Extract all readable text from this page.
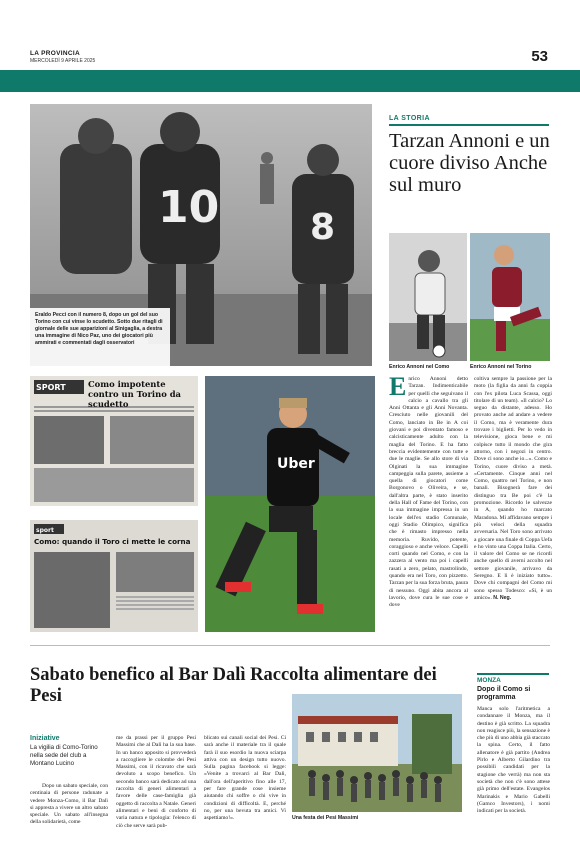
LA PROVINCIA
MERCOLEDÌ 9 APRILE 2025	53
10	8
Eraldo Pecci con il numero 8, dopo un gol del suo Torino con cui vinse lo scudetto. Sotto due ritagli di giornale delle sue apparizioni al Sinigaglia, a destra una immagine di Nico Paz, uno dei giocatori più ammirati e commentati dagli osservatori
SPORT	Como impotente contro un Torino da scudetto
sport
Como: quando il Toro ci mette le corna
Uber
LA STORIA
Tarzan Annoni e un cuore diviso Anche sul muro
Enrico Annoni nel Como	Enrico Annoni nel Torino
Enrico Annoni detto Tarzan. Indimenticabile per quelli che seguivano il calcio a cavallo tra gli Anni Ottanta e gli Anni Novanta. Cresciuto nelle giovanili del Como, lanciato in Be in A coi giovani e poi diventato famoso e calcisticamente adulto con la maglia del Torino. E ha fatto breccia evidentemente con tutte e due le maglie. Se allo store di via Olginati la sua immagine campeggia sulla parete, assieme a quella di giocatori come Borgonovo o Oliveira, e se, dall'altra parte, è stato inserito della Hall of Fame del Torino, con la sua immagine impressa in un locale dell'ex stadio Comunale, oggi Stadio Olimpico, significa che è rimasto impresso nella memoria. Ruvido, potente, coraggioso e anche veloce. Capelli corti quando nel Como, e con la zazzera al vento ma poi i capelli rasati a zero, pelato, mastrolindo, quando era nel Toro, con pizzetto. Tarzan per la sua forza bruta, paura di nessuno. Oggi abita ancora al lavorio, dove cura le sue cose e dove
coltiva sempre la passione per la moto (la figlia da anni fa coppia con l'ex pilota Luca Scassa, oggi titolare di un team). «Il calcio? Lo seguo da distante, adesso. Ho provato anche ad andare a vedere il Como, ma è veramente dura trovare i biglietti. Per lo vedo in televisione, gioca bene e mi colpisce tutto il mondo che gira attorno, con i negozi in centro. Dove ci sono anche io...». Como e Torino, cuore diviso a metà. «Certamente. Cinque anni nel Como, quattro nel Torino, e non banali. Bisognerà fare dei distinguo tra Be poi c'è la promozione. Ricordo le salvezze in A, quando ho marcato Maradona. Mi affidavano sempre i più veloci della squadra avversaria. Nel Toro sono arrivato a giocare una finale di Coppa Uefa e ho vinto una Coppa Italia. Certo, il valore del Como se ne ricordi anche quello di averni accolto nel settore giovanile, arrivavo da Seregno. E lì è iniziato tutto». Dove chi compagni del Como mi sono spesso Todesco: «Sì, è un amico». N. Neg.
Sabato benefico al Bar Dalì Raccolta alimentare dei Pesi
Iniziative
La vigilia di Como-Torino nella sede del club a Montano Lucino
Dopo un sabato speciale, con centinaia di persone radunate a vedere Monza-Como, il Bar Dalì si appresta a vivere un altro sabato speciale. Un sabato all'insegna della solidarietà, come
me da prassi per il gruppo Pesi Massimi che al Dalì ha la sua base. In un banco apposito si provvederà a raccogliere le colombe dei Pesi Massimi, con il ricavato che sarà devoluto a scopo benefico. Un secondo banco sarà dedicato ad una raccolta di generi alimentari a favore delle case-famiglia già oggetto di raccolta a Natale. Generi alimentari e beni di conforto di varia natura e tipologia: l'elenco di ciò che serve sarà pub-
blicato sui canali social dei Pesi. Ci sarà anche il materiale tra il quale farà il suo esordio la nuova sciarpa attiva con un design tutto nuovo. Sulla pagina facebook si legge: «Venite a trovarci al Bar Dalì, dall'ora dell'aperitivo fino alle 17, per fare grande cose insieme aiutando chi soffre o chi vive in condizioni di difficoltà. E, perché no, per una bevuta tra amici. Vi aspettiamo!».	Una festa dei Pesi Massimi
MONZA
Dopo il Como si programma
Manca solo l'aritmetica a condannare il Monza, ma il destino è già scritto. La squadra non reagisce più, la sensazione è che più di uno abbia già staccato la spina. Certo, il fatto allenatore è già partito (Andrea Pirlo e Alberto Gilardino tra possibili candidati per la stagione che verrà) ma non sta società che non c'è sono attese già primo dell'estate. Evangelos Marinakis e Mario Gabelli (Gamco Investors), i nomi indicati per la società.
